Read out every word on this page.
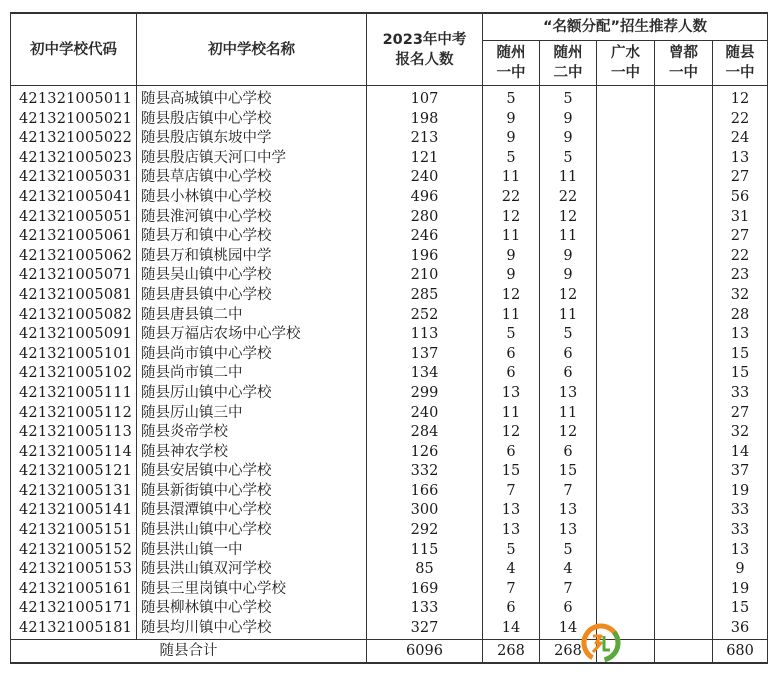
初中学校代码	初中学校名称	2023年中考报名人数	“名额分配”招生推荐人数				

			随州一中	随州二中	广水一中	曾都一中	随县一中

421321005011	随县高城镇中心学校	107	5	5			12
421321005021	随县殷店镇中心学校	198	9	9			22
421321005022	随县殷店镇东坡中学	213	9	9			24
421321005023	随县殷店镇天河口中学	121	5	5			13
421321005031	随县草店镇中心学校	240	11	11			27
421321005041	随县小林镇中心学校	496	22	22			56
421321005051	随县淮河镇中心学校	280	12	12			31
421321005061	随县万和镇中心学校	246	11	11			27
421321005062	随县万和镇桃园中学	196	9	9			22
421321005071	随县吴山镇中心学校	210	9	9			23
421321005081	随县唐县镇中心学校	285	12	12			32
421321005082	随县唐县镇二中	252	11	11			28
421321005091	随县万福店农场中心学校	113	5	5			13
421321005101	随县尚市镇中心学校	137	6	6			15
421321005102	随县尚市镇二中	134	6	6			15
421321005111	随县厉山镇中心学校	299	13	13			33
421321005112	随县厉山镇三中	240	11	11			27
421321005113	随县炎帝学校	284	12	12			32
421321005114	随县神农学校	126	6	6			14
421321005121	随县安居镇中心学校	332	15	15			37
421321005131	随县新街镇中心学校	166	7	7			19
421321005141	随县澴潭镇中心学校	300	13	13			33
421321005151	随县洪山镇中心学校	292	13	13			33
421321005152	随县洪山镇一中	115	5	5			13
421321005153	随县洪山镇双河学校	85	4	4			9
421321005161	随县三里岗镇中心学校	169	7	7			19
421321005171	随县柳林镇中心学校	133	6	6			15
421321005181	随县均川镇中心学校	327	14	14			36
随县合计		6096	268	268			680
